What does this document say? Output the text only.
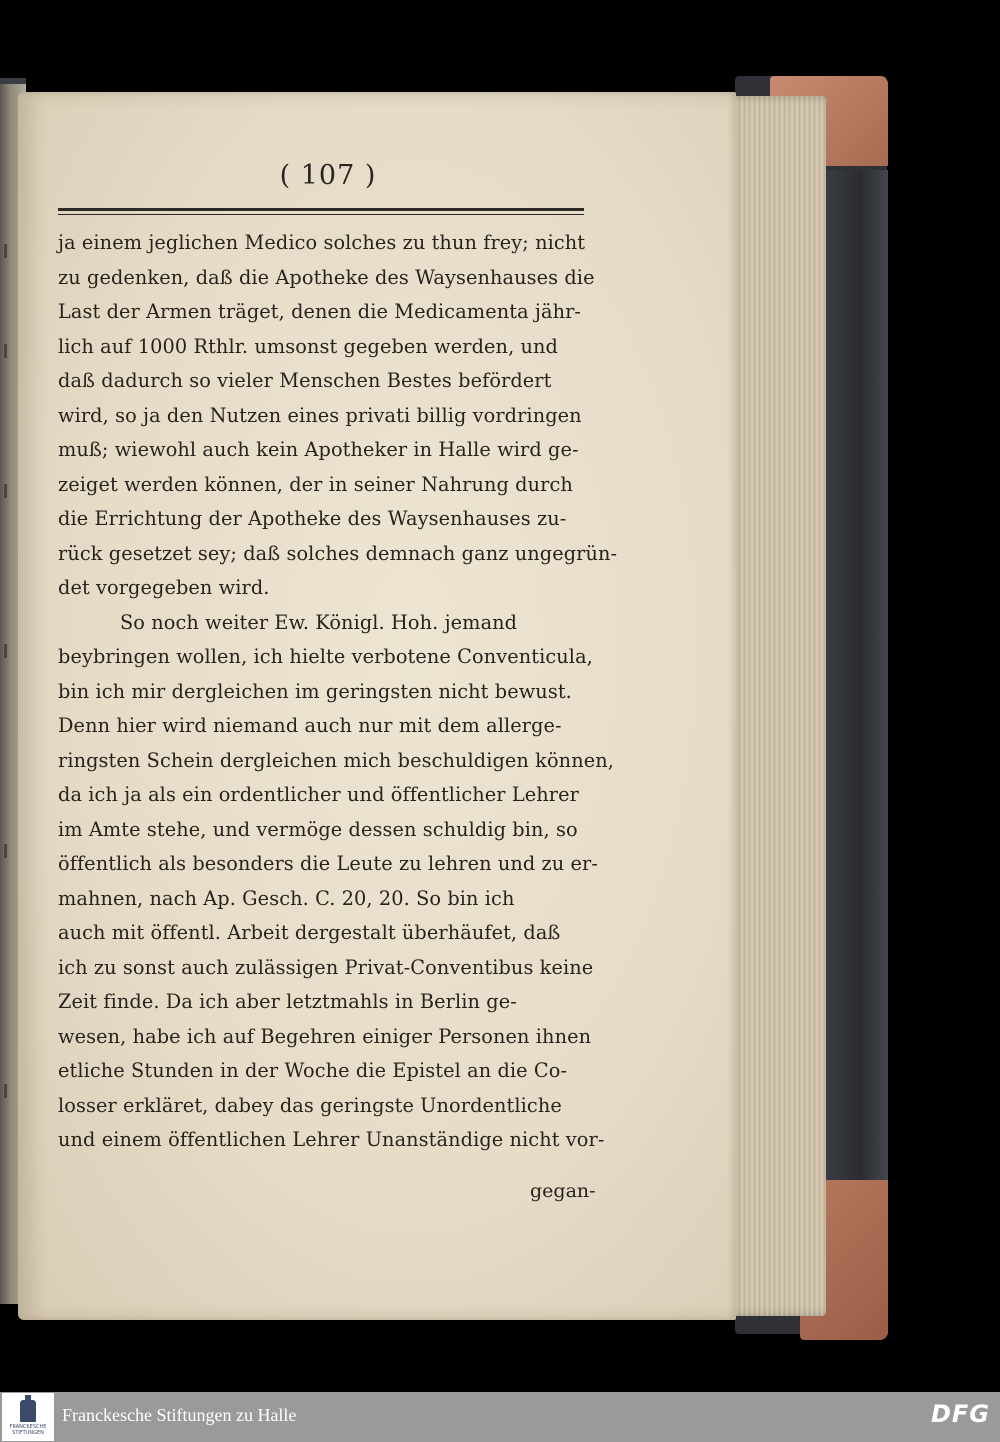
( 107 )
ja einem jeglichen Medico solches zu thun frey; nicht
zu gedenken, daß die Apotheke des Waysenhauses die
Last der Armen träget, denen die Medicamenta jähr-
lich auf 1000 Rthlr. umsonst gegeben werden, und
daß dadurch so vieler Menschen Bestes befördert
wird, so ja den Nutzen eines privati billig vordringen
muß; wiewohl auch kein Apotheker in Halle wird ge-
zeiget werden können, der in seiner Nahrung durch
die Errichtung der Apotheke des Waysenhauses zu-
rück gesetzet sey; daß solches demnach ganz ungegrün-
det vorgegeben wird.
So noch weiter Ew. Königl. Hoh. jemand
beybringen wollen, ich hielte verbotene Conventicula,
bin ich mir dergleichen im geringsten nicht bewust.
Denn hier wird niemand auch nur mit dem allerge-
ringsten Schein dergleichen mich beschuldigen können,
da ich ja als ein ordentlicher und öffentlicher Lehrer
im Amte stehe, und vermöge dessen schuldig bin, so
öffentlich als besonders die Leute zu lehren und zu er-
mahnen, nach Ap. Gesch. C. 20, 20. So bin ich
auch mit öffentl. Arbeit dergestalt überhäufet, daß
ich zu sonst auch zulässigen Privat-Conventibus keine
Zeit finde. Da ich aber letztmahls in Berlin ge-
wesen, habe ich auf Begehren einiger Personen ihnen
etliche Stunden in der Woche die Epistel an die Co-
losser erkläret, dabey das geringste Unordentliche
und einem öffentlichen Lehrer Unanständige nicht vor-
gegan-
FRANCKESCHE STIFTUNGEN
Franckesche Stiftungen zu Halle	DFG
